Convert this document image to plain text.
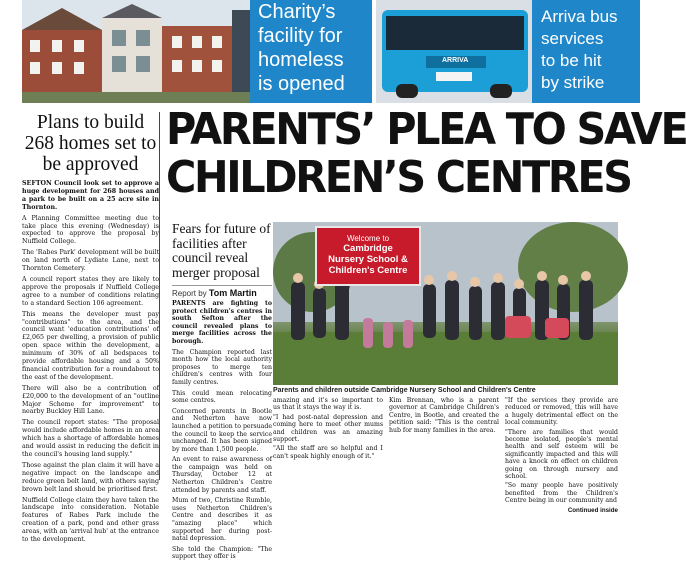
Charity’s
facility for
homeless
is opened
ARRIVA
Arriva bus
services
to be hit
by strike
Plans to build 268 homes set to be approved

SEFTON Council look set to approve a huge development for 268 houses and a park to be built on a 25 acre site in Thornton.

A Planning Committee meeting due to take place this evening (Wednesday) is expected to approve the proposal by Nuffield College.

The 'Rabes Park' development will be built on land north of Lydiate Lane, next to Thornton Cemetery.

A council report states they are likely to approve the proposals if Nuffield College agree to a number of conditions relating to a standard Section 106 agreement.

This means the developer must pay "contributions" to the area, and the council want 'education contributions' of £2,065 per dwelling, a provision of public open space within the development, a minimum of 30% of all bedspaces to provide affordable housing and a 50% financial contribution for a roundabout to the east of the development.

There will also be a contribution of £20,000 to the development of an "outline Major Scheme for improvement" to nearby Buckley Hill Lane.

The council report states: "The proposal would include affordable homes in an area which has a shortage of affordable homes and would assist in reducing the deficit in the council's housing land supply."

Those against the plan claim it will have a negative impact on the landscape and reduce green belt land, with others saying brown belt land should be prioritised first.

Nuffield College claim they have taken the landscape into consideration. Notable features of Rabes Park include the creation of a park, pond and other grass areas, with an 'arrival hub' at the entrance to the development.

PARENTS’ PLEA TO SAVE
CHILDREN’S CENTRES
Fears for future of facilities after council reveal merger proposal
Report by Tom Martin

PARENTS are fighting to protect children's centres in south Sefton after the council revealed plans to merge facilities across the borough.

The Champion reported last month how the local authority proposes to merge ten children's centres with four family centres.

This could mean relocating some centres.

Concerned parents in Bootle and Netherton have now launched a petition to persuade the council to keep the service unchanged. It has been signed by more than 1,500 people.

An event to raise awareness of the campaign was held on Thursday, October 12 at Netherton Children's Centre attended by parents and staff.

Mum of two, Christine Rumble, uses Netherton Children's Centre and describes it as "amazing place" which supported her during post-natal depression.

She told the Champion: "The support they offer is

Welcome to
Cambridge
Nursery School &
Children's Centre
Parents and children outside Cambridge Nursery School and Children's Centre

amazing and it's so important to us that it stays the way it is.

"I had post-natal depression and coming here to meet other mums and children was an amazing support.

"All the staff are so helpful and I can't speak highly enough of it."

Kim Brennan, who is a parent governor at Cambridge Children's Centre, in Bootle, and created the petition said: "This is the central hub for many families in the area.

"If the services they provide are reduced or removed, this will have a hugely detrimental effect on the local community.

"There are families that would become isolated, people's mental health and self esteem will be significantly impacted and this will have a knock on effect on children going on through nursery and school.

"So many people have positively benefited from the Children's Centre being in our community and

Continued inside
